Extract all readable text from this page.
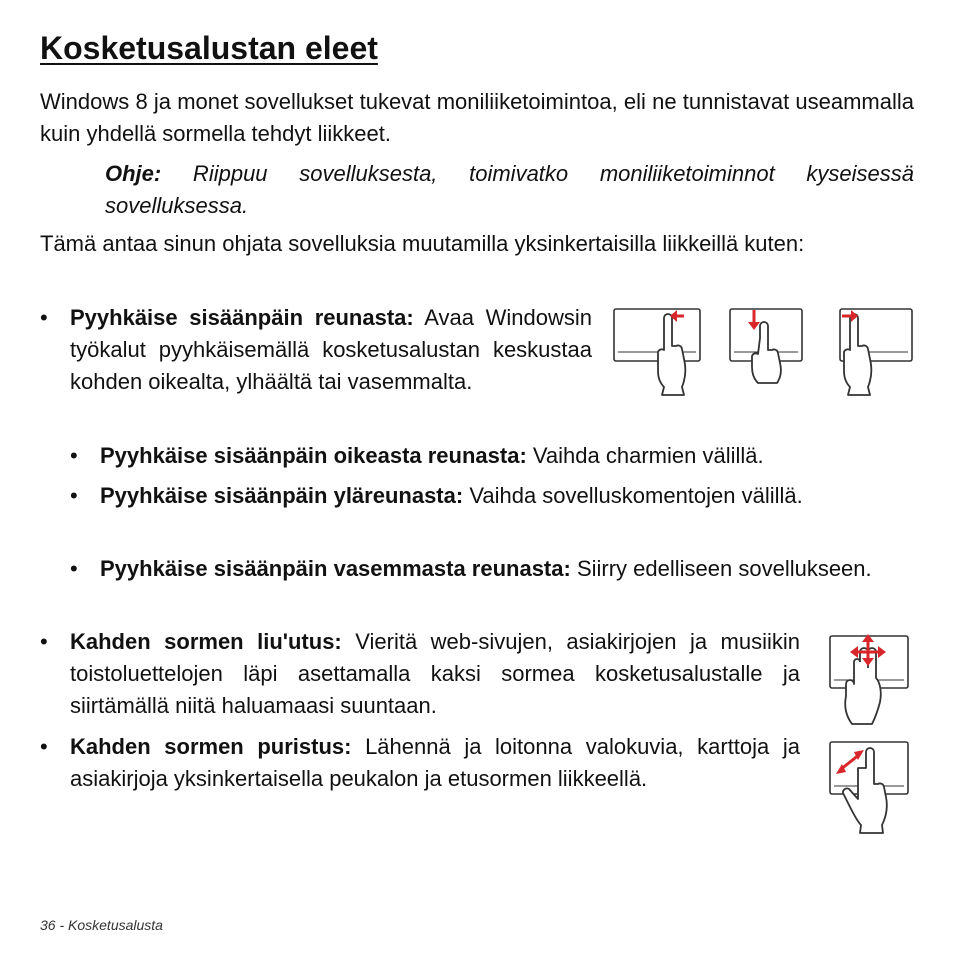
Kosketusalustan eleet

Windows 8 ja monet sovellukset tukevat moniliiketoimintoa, eli ne tunnistavat useammalla kuin yhdellä sormella tehdyt liikkeet.

Ohje: Riippuu sovelluksesta, toimivatko moniliiketoiminnot kyseisessä sovelluksessa.

Tämä antaa sinun ohjata sovelluksia muutamilla yksinkertaisilla liikkeillä kuten:

• Pyyhkäise sisäänpäin reunasta: Avaa Windowsin työkalut pyyhkäisemällä kosketusalustan keskustaa kohden oikealta, ylhäältä tai vasemmalta.

• Pyyhkäise sisäänpäin oikeasta reunasta: Vaihda charmien välillä.

• Pyyhkäise sisäänpäin yläreunasta: Vaihda sovelluskomentojen välillä.

• Pyyhkäise sisäänpäin vasemmasta reunasta: Siirry edelliseen sovellukseen.

• Kahden sormen liu'utus: Vieritä web-sivujen, asiakirjojen ja musiikin toistoluettelojen läpi asettamalla kaksi sormea kosketusalustalle ja siirtämällä niitä haluamaasi suuntaan.

• Kahden sormen puristus: Lähennä ja loitonna valokuvia, karttoja ja asiakirjoja yksinkertaisella peukalon ja etusormen liikkeellä.

36 - Kosketusalusta
